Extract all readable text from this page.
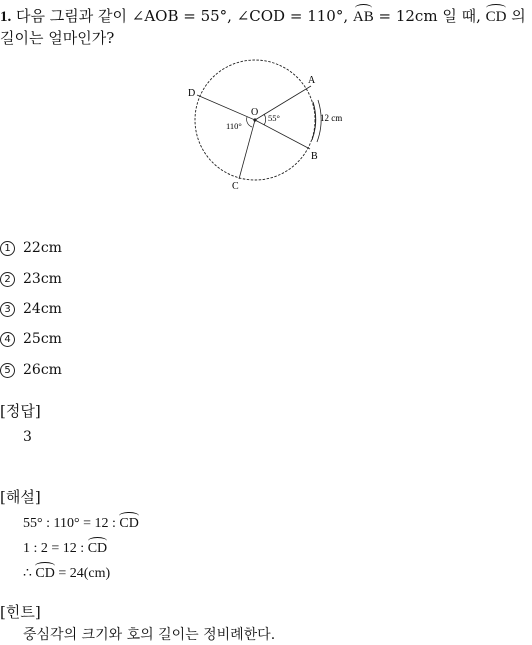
1. 다음 그림과 같이 ∠AOB = 55°, ∠COD = 110°, AB = 12cm 일 때, CD 의
길이는 얼마인가?
A
B
C
D
O 55°
110°
12 cm
1 22cm
2 23cm
3 24cm
4 25cm
5 26cm
[정답]
3
[해설]
55° : 110° = 12 : CD
1 : 2 = 12 : CD
∴ CD = 24(cm)
[힌트]
중심각의 크기와 호의 길이는 정비례한다.
